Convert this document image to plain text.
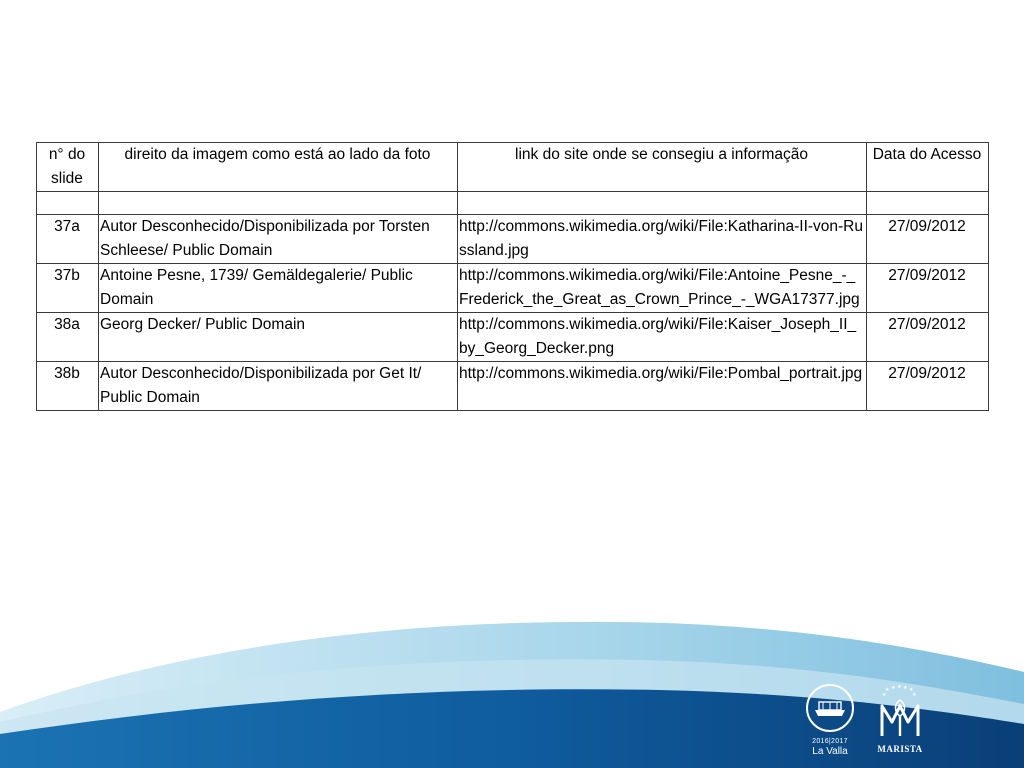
n° do slide	direito da imagem como está ao lado da foto	link do site onde se consegiu a informação	Data do Acesso

37a	Autor Desconhecido/Disponibilizada por Torsten Schleese/ Public Domain	http://commons.wikimedia.org/wiki/File:Katharina-II-von-Russland.jpg	27/09/2012
37b	Antoine Pesne, 1739/ Gemäldegalerie/ Public Domain	http://commons.wikimedia.org/wiki/File:Antoine_Pesne_-_Frederick_the_Great_as_Crown_Prince_-_WGA17377.jpg	27/09/2012
38a	Georg Decker/ Public Domain	http://commons.wikimedia.org/wiki/File:Kaiser_Joseph_II_by_Georg_Decker.png	27/09/2012
38b	Autor Desconhecido/Disponibilizada por Get It/ Public Domain	http://commons.wikimedia.org/wiki/File:Pombal_portrait.jpg	27/09/2012
2016|2017
La Valla
★ ★ ★ ★ ★
★	★
MARISTA
